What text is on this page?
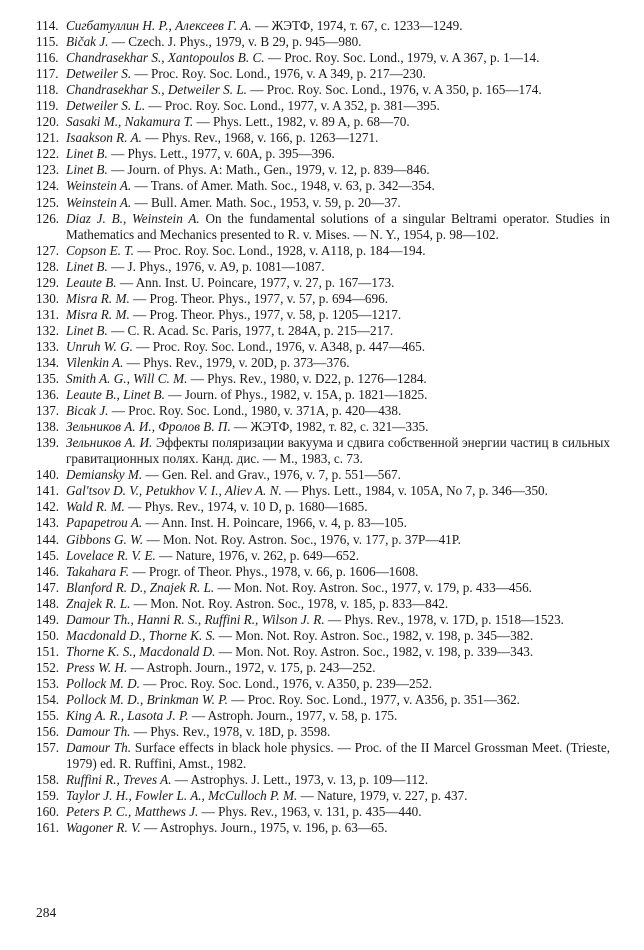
114. Сигбатуллин Н. Р., Алексеев Г. А. — ЖЭТФ, 1974, т. 67, с. 1233—1249.
115. Bičak J. — Czech. J. Phys., 1979, v. B 29, p. 945—980.
116. Chandrasekhar S., Xantopoulos B. C. — Proc. Roy. Soc. Lond., 1979, v. A 367, p. 1—14.
117. Detweiler S. — Proc. Roy. Soc. Lond., 1976, v. A 349, p. 217—230.
118. Chandrasekhar S., Detweiler S. L. — Proc. Roy. Soc. Lond., 1976, v. A 350, p. 165—174.
119. Detweiler S. L. — Proc. Roy. Soc. Lond., 1977, v. A 352, p. 381—395.
120. Sasaki M., Nakamura T. — Phys. Lett., 1982, v. 89 A, p. 68—70.
121. Isaakson R. A. — Phys. Rev., 1968, v. 166, p. 1263—1271.
122. Linet B. — Phys. Lett., 1977, v. 60A, p. 395—396.
123. Linet B. — Journ. of Phys. A: Math., Gen., 1979, v. 12, p. 839—846.
124. Weinstein A. — Trans. of Amer. Math. Soc., 1948, v. 63, p. 342—354.
125. Weinstein A. — Bull. Amer. Math. Soc., 1953, v. 59, p. 20—37.
126. Diaz J. B., Weinstein A. On the fundamental solutions of a singular Beltrami operator. Studies in Mathematics and Mechanics presented to R. v. Mises. — N. Y., 1954, p. 98—102.
127. Copson E. T. — Proc. Roy. Soc. Lond., 1928, v. A118, p. 184—194.
128. Linet B. — J. Phys., 1976, v. A9, p. 1081—1087.
129. Leaute B. — Ann. Inst. U. Poincare, 1977, v. 27, p. 167—173.
130. Misra R. M. — Prog. Theor. Phys., 1977, v. 57, p. 694—696.
131. Misra R. M. — Prog. Theor. Phys., 1977, v. 58, p. 1205—1217.
132. Linet B. — C. R. Acad. Sc. Paris, 1977, t. 284A, p. 215—217.
133. Unruh W. G. — Proc. Roy. Soc. Lond., 1976, v. A348, p. 447—465.
134. Vilenkin A. — Phys. Rev., 1979, v. 20D, p. 373—376.
135. Smith A. G., Will C. M. — Phys. Rev., 1980, v. D22, p. 1276—1284.
136. Leaute B., Linet B. — Journ. of Phys., 1982, v. 15A, p. 1821—1825.
137. Bicak J. — Proc. Roy. Soc. Lond., 1980, v. 371A, p. 420—438.
138. Зельников А. И., Фролов В. П. — ЖЭТФ, 1982, т. 82, с. 321—335.
139. Зельников А. И. Эффекты поляризации вакуума и сдвига собственной энергии частиц в сильных гравитационных полях. Канд. дис. — М., 1983, с. 73.
140. Demiansky M. — Gen. Rel. and Grav., 1976, v. 7, p. 551—567.
141. Gal'tsov D. V., Petukhov V. I., Aliev A. N. — Phys. Lett., 1984, v. 105A, No 7, p. 346—350.
142. Wald R. M. — Phys. Rev., 1974, v. 10 D, p. 1680—1685.
143. Papapetrou A. — Ann. Inst. H. Poincare, 1966, v. 4, p. 83—105.
144. Gibbons G. W. — Mon. Not. Roy. Astron. Soc., 1976, v. 177, p. 37P—41P.
145. Lovelace R. V. E. — Nature, 1976, v. 262, p. 649—652.
146. Takahara F. — Progr. of Theor. Phys., 1978, v. 66, p. 1606—1608.
147. Blanford R. D., Znajek R. L. — Mon. Not. Roy. Astron. Soc., 1977, v. 179, p. 433—456.
148. Znajek R. L. — Mon. Not. Roy. Astron. Soc., 1978, v. 185, p. 833—842.
149. Damour Th., Hanni R. S., Ruffini R., Wilson J. R. — Phys. Rev., 1978, v. 17D, p. 1518—1523.
150. Macdonald D., Thorne K. S. — Mon. Not. Roy. Astron. Soc., 1982, v. 198, p. 345—382.
151. Thorne K. S., Macdonald D. — Mon. Not. Roy. Astron. Soc., 1982, v. 198, p. 339—343.
152. Press W. H. — Astroph. Journ., 1972, v. 175, p. 243—252.
153. Pollock M. D. — Proc. Roy. Soc. Lond., 1976, v. A350, p. 239—252.
154. Pollock M. D., Brinkman W. P. — Proc. Roy. Soc. Lond., 1977, v. A356, p. 351—362.
155. King A. R., Lasota J. P. — Astroph. Journ., 1977, v. 58, p. 175.
156. Damour Th. — Phys. Rev., 1978, v. 18D, p. 3598.
157. Damour Th. Surface effects in black hole physics. — Proc. of the II Marcel Grossman Meet. (Trieste, 1979) ed. R. Ruffini, Amst., 1982.
158. Ruffini R., Treves A. — Astrophys. J. Lett., 1973, v. 13, p. 109—112.
159. Taylor J. H., Fowler L. A., McCulloch P. M. — Nature, 1979, v. 227, p. 437.
160. Peters P. C., Matthews J. — Phys. Rev., 1963, v. 131, p. 435—440.
161. Wagoner R. V. — Astrophys. Journ., 1975, v. 196, p. 63—65.
284
